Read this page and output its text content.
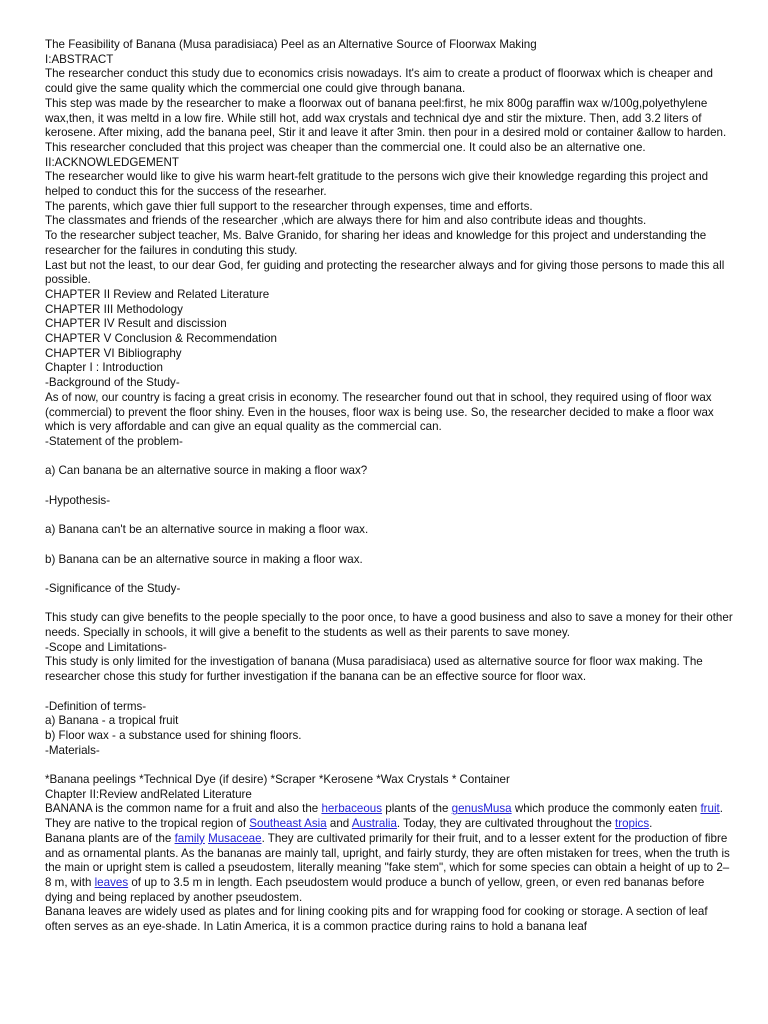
The Feasibility of Banana (Musa paradisiaca) Peel as an Alternative Source of Floorwax Making
I:ABSTRACT
The researcher conduct this study due to economics crisis nowadays. It's aim to create a product of floorwax which is cheaper and could give the same quality which the commercial one could give through banana.
This step was made by the researcher to make a floorwax out of banana peel:first, he mix 800g paraffin wax w/100g,polyethylene wax,then, it was meltd in a low fire. While still hot, add wax crystals and technical dye and stir the mixture. Then, add 3.2 liters of kerosene. After mixing, add the banana peel, Stir it and leave it after 3min. then pour in a desired mold or container &allow to harden.
This researcher concluded that this project was cheaper than the commercial one. It could also be an alternative one.
II:ACKNOWLEDGEMENT
The researcher would like to give his warm heart-felt gratitude to the persons wich give their knowledge regarding this project and helped to conduct this for the success of the researher.
The parents, which gave thier full support to the researcher through expenses, time and efforts.
The classmates and friends of the researcher ,which are always there for him and also contribute ideas and thoughts.
To the researcher subject teacher, Ms. Balve Granido, for sharing her ideas and knowledge for this project and understanding the researcher for the failures in conduting this study.
Last but not the least, to our dear God, fer guiding and protecting the researcher always and for giving those persons to made this all possible.
CHAPTER II Review and Related Literature
CHAPTER III Methodology
CHAPTER IV Result and discission
CHAPTER V Conclusion & Recommendation
CHAPTER VI Bibliography
Chapter I : Introduction
-Background of the Study-
As of now, our country is facing a great crisis in economy. The researcher found out that in school, they required using of floor wax (commercial) to prevent the floor shiny. Even in the houses, floor wax is being use. So, the researcher decided to make a floor wax which is very affordable and can give an equal quality as the commercial can.
-Statement of the problem-
a) Can banana be an alternative source in making a floor wax?
-Hypothesis-
a) Banana can't be an alternative source in making a floor wax.
b) Banana can be an alternative source in making a floor wax.
-Significance of the Study-
This study can give benefits to the people specially to the poor once, to have a good business and also to save a money for their other needs. Specially in schools, it will give a benefit to the students as well as their parents to save money.
-Scope and Limitations-
This study is only limited for the investigation of banana (Musa paradisiaca) used as alternative source for floor wax making. The researcher chose this study for further investigation if the banana can be an effective source for floor wax.
-Definition of terms-
a) Banana - a tropical fruit
b) Floor wax - a substance used for shining floors.
-Materials-
*Banana peelings *Technical Dye (if desire) *Scraper *Kerosene *Wax Crystals * Container
Chapter II:Review andRelated Literature
BANANA is the common name for a fruit and also the herbaceous plants of the genusMusa which produce the commonly eaten fruit. They are native to the tropical region of Southeast Asia and Australia. Today, they are cultivated throughout the tropics.
Banana plants are of the family Musaceae. They are cultivated primarily for their fruit, and to a lesser extent for the production of fibre and as ornamental plants. As the bananas are mainly tall, upright, and fairly sturdy, they are often mistaken for trees, when the truth is the main or upright stem is called a pseudostem, literally meaning "fake stem", which for some species can obtain a height of up to 2–8 m, with leaves of up to 3.5 m in length. Each pseudostem would produce a bunch of yellow, green, or even red bananas before dying and being replaced by another pseudostem.
Banana leaves are widely used as plates and for lining cooking pits and for wrapping food for cooking or storage. A section of leaf often serves as an eye-shade. In Latin America, it is a common practice during rains to hold a banana leaf
